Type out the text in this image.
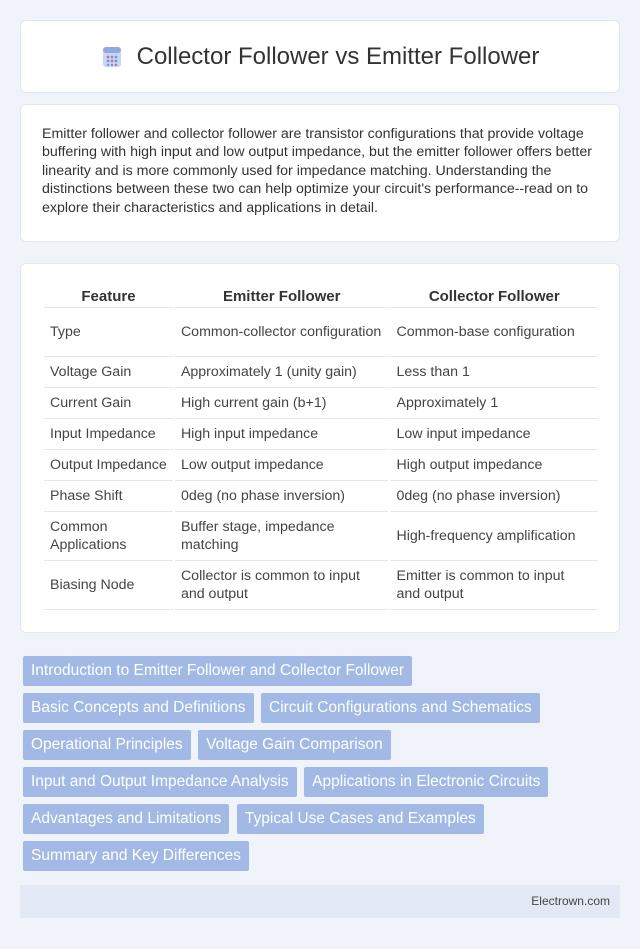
Collector Follower vs Emitter Follower

Emitter follower and collector follower are transistor configurations that provide voltage buffering with high input and low output impedance, but the emitter follower offers better linearity and is more commonly used for impedance matching. Understanding the distinctions between these two can help optimize your circuit's performance--read on to explore their characteristics and applications in detail.

Feature	Emitter Follower	Collector Follower
Type	Common-collector configuration	Common-base configuration
Voltage Gain	Approximately 1 (unity gain)	Less than 1
Current Gain	High current gain (b+1)	Approximately 1
Input Impedance	High input impedance	Low input impedance
Output Impedance	Low output impedance	High output impedance
Phase Shift	0deg (no phase inversion)	0deg (no phase inversion)
Common Applications	Buffer stage, impedance matching	High-frequency amplification
Biasing Node	Collector is common to input and output	Emitter is common to input and output
Introduction to Emitter Follower and Collector Follower
Basic Concepts and Definitions Circuit Configurations and Schematics
Operational Principles Voltage Gain Comparison
Input and Output Impedance Analysis Applications in Electronic Circuits
Advantages and Limitations Typical Use Cases and Examples
Summary and Key Differences
Electrown.com
